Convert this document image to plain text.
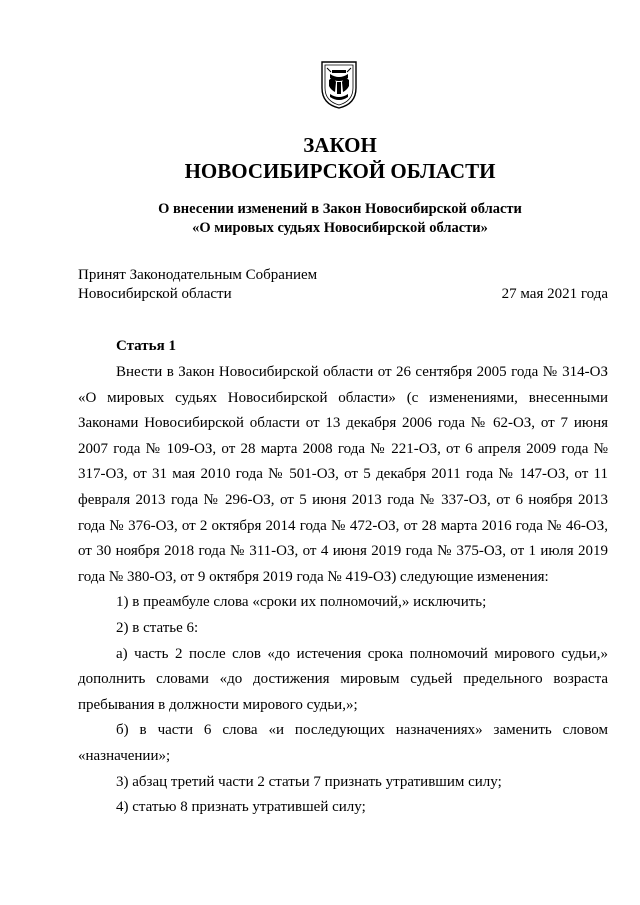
ЗАКОН
НОВОСИБИРСКОЙ ОБЛАСТИ
О внесении изменений в Закон Новосибирской области
«О мировых судьях Новосибирской области»
Принят Законодательным Собранием
Новосибирской области	27 мая 2021 года
Статья 1

Внести в Закон Новосибирской области от 26 сентября 2005 года № 314-ОЗ «О мировых судьях Новосибирской области» (с изменениями, внесенными Законами Новосибирской области от 13 декабря 2006 года № 62-ОЗ, от 7 июня 2007 года № 109-ОЗ, от 28 марта 2008 года № 221-ОЗ, от 6 апреля 2009 года № 317-ОЗ, от 31 мая 2010 года № 501-ОЗ, от 5 декабря 2011 года № 147-ОЗ, от 11 февраля 2013 года № 296-ОЗ, от 5 июня 2013 года № 337-ОЗ, от 6 ноября 2013 года № 376-ОЗ, от 2 октября 2014 года № 472-ОЗ, от 28 марта 2016 года № 46-ОЗ, от 30 ноября 2018 года № 311-ОЗ, от 4 июня 2019 года № 375-ОЗ, от 1 июля 2019 года № 380-ОЗ, от 9 октября 2019 года № 419-ОЗ) следующие изменения:

1) в преамбуле слова «сроки их полномочий,» исключить;

2) в статье 6:

а) часть 2 после слов «до истечения срока полномочий мирового судьи,» дополнить словами «до достижения мировым судьей предельного возраста пребывания в должности мирового судьи,»;

б) в части 6 слова «и последующих назначениях» заменить словом «назначении»;

3) абзац третий части 2 статьи 7 признать утратившим силу;

4) статью 8 признать утратившей силу;
